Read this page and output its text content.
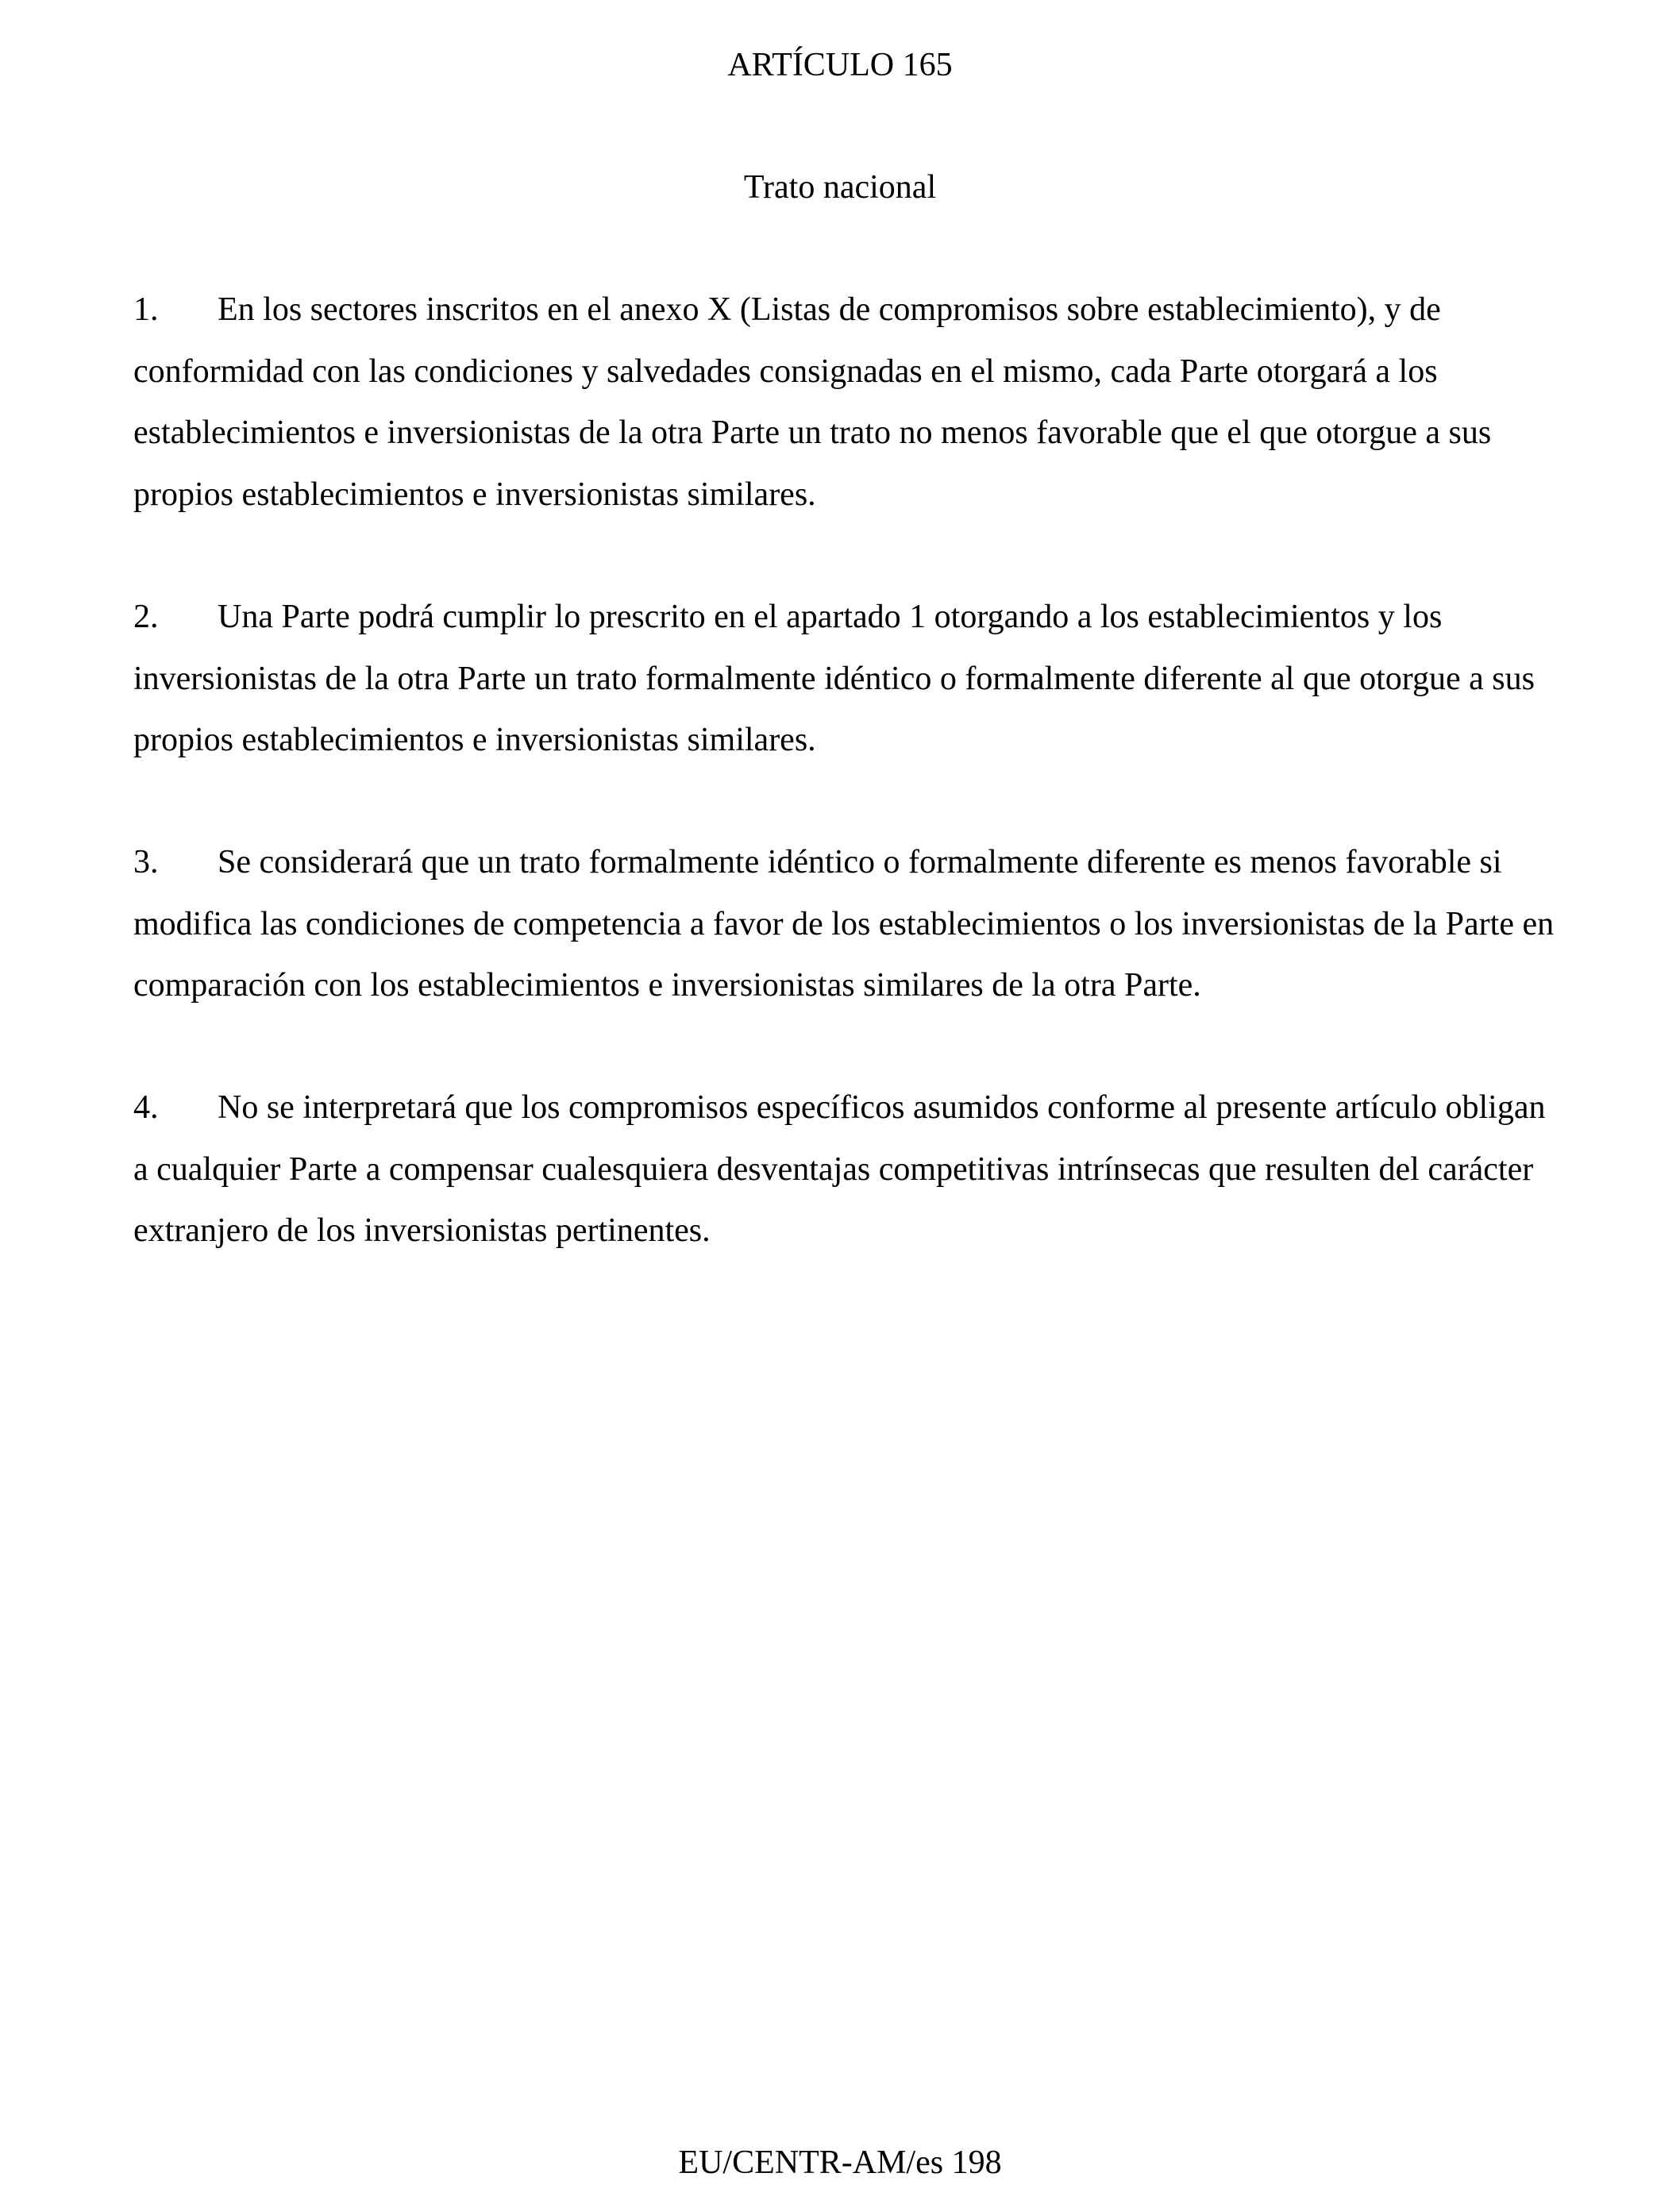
ARTÍCULO 165
Trato nacional

1. En los sectores inscritos en el anexo X (Listas de compromisos sobre establecimiento), y de conformidad con las condiciones y salvedades consignadas en el mismo, cada Parte otorgará a los establecimientos e inversionistas de la otra Parte un trato no menos favorable que el que otorgue a sus propios establecimientos e inversionistas similares.

2. Una Parte podrá cumplir lo prescrito en el apartado 1 otorgando a los establecimientos y los inversionistas de la otra Parte un trato formalmente idéntico o formalmente diferente al que otorgue a sus propios establecimientos e inversionistas similares.

3. Se considerará que un trato formalmente idéntico o formalmente diferente es menos favorable si modifica las condiciones de competencia a favor de los establecimientos o los inversionistas de la Parte en comparación con los establecimientos e inversionistas similares de la otra Parte.

4. No se interpretará que los compromisos específicos asumidos conforme al presente artículo obligan a cualquier Parte a compensar cualesquiera desventajas competitivas intrínsecas que resulten del carácter extranjero de los inversionistas pertinentes.

EU/CENTR-AM/es 198
